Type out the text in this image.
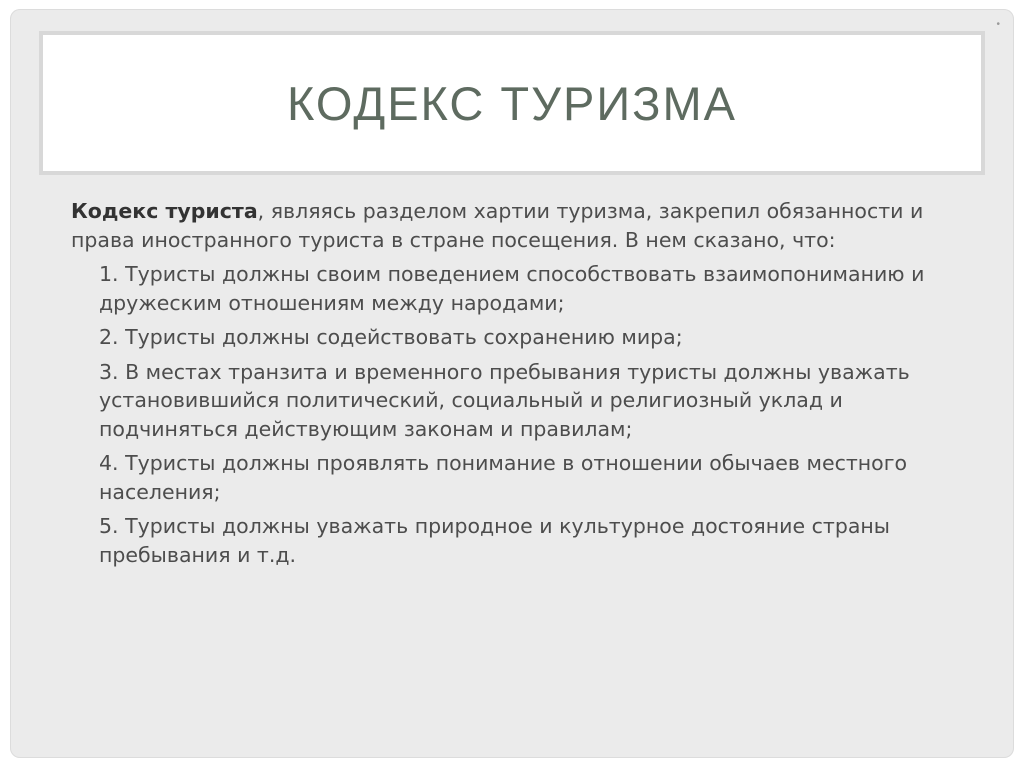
•
КОДЕКС ТУРИЗМА

Кодекс туриста, являясь разделом хартии туризма, закрепил обязанности и права иностранного туриста в стране посещения. В нем сказано, что:

1. Туристы должны своим поведением способствовать взаимопониманию и дружеским отношениям между народами;
2. Туристы должны содействовать сохранению мира;
3. В местах транзита и временного пребывания туристы должны уважать установившийся политический, социальный и религиозный уклад и подчиняться действующим законам и правилам;
4. Туристы должны проявлять понимание в отношении обычаев местного населения;
5. Туристы должны уважать природное и культурное достояние страны пребывания и т.д.
